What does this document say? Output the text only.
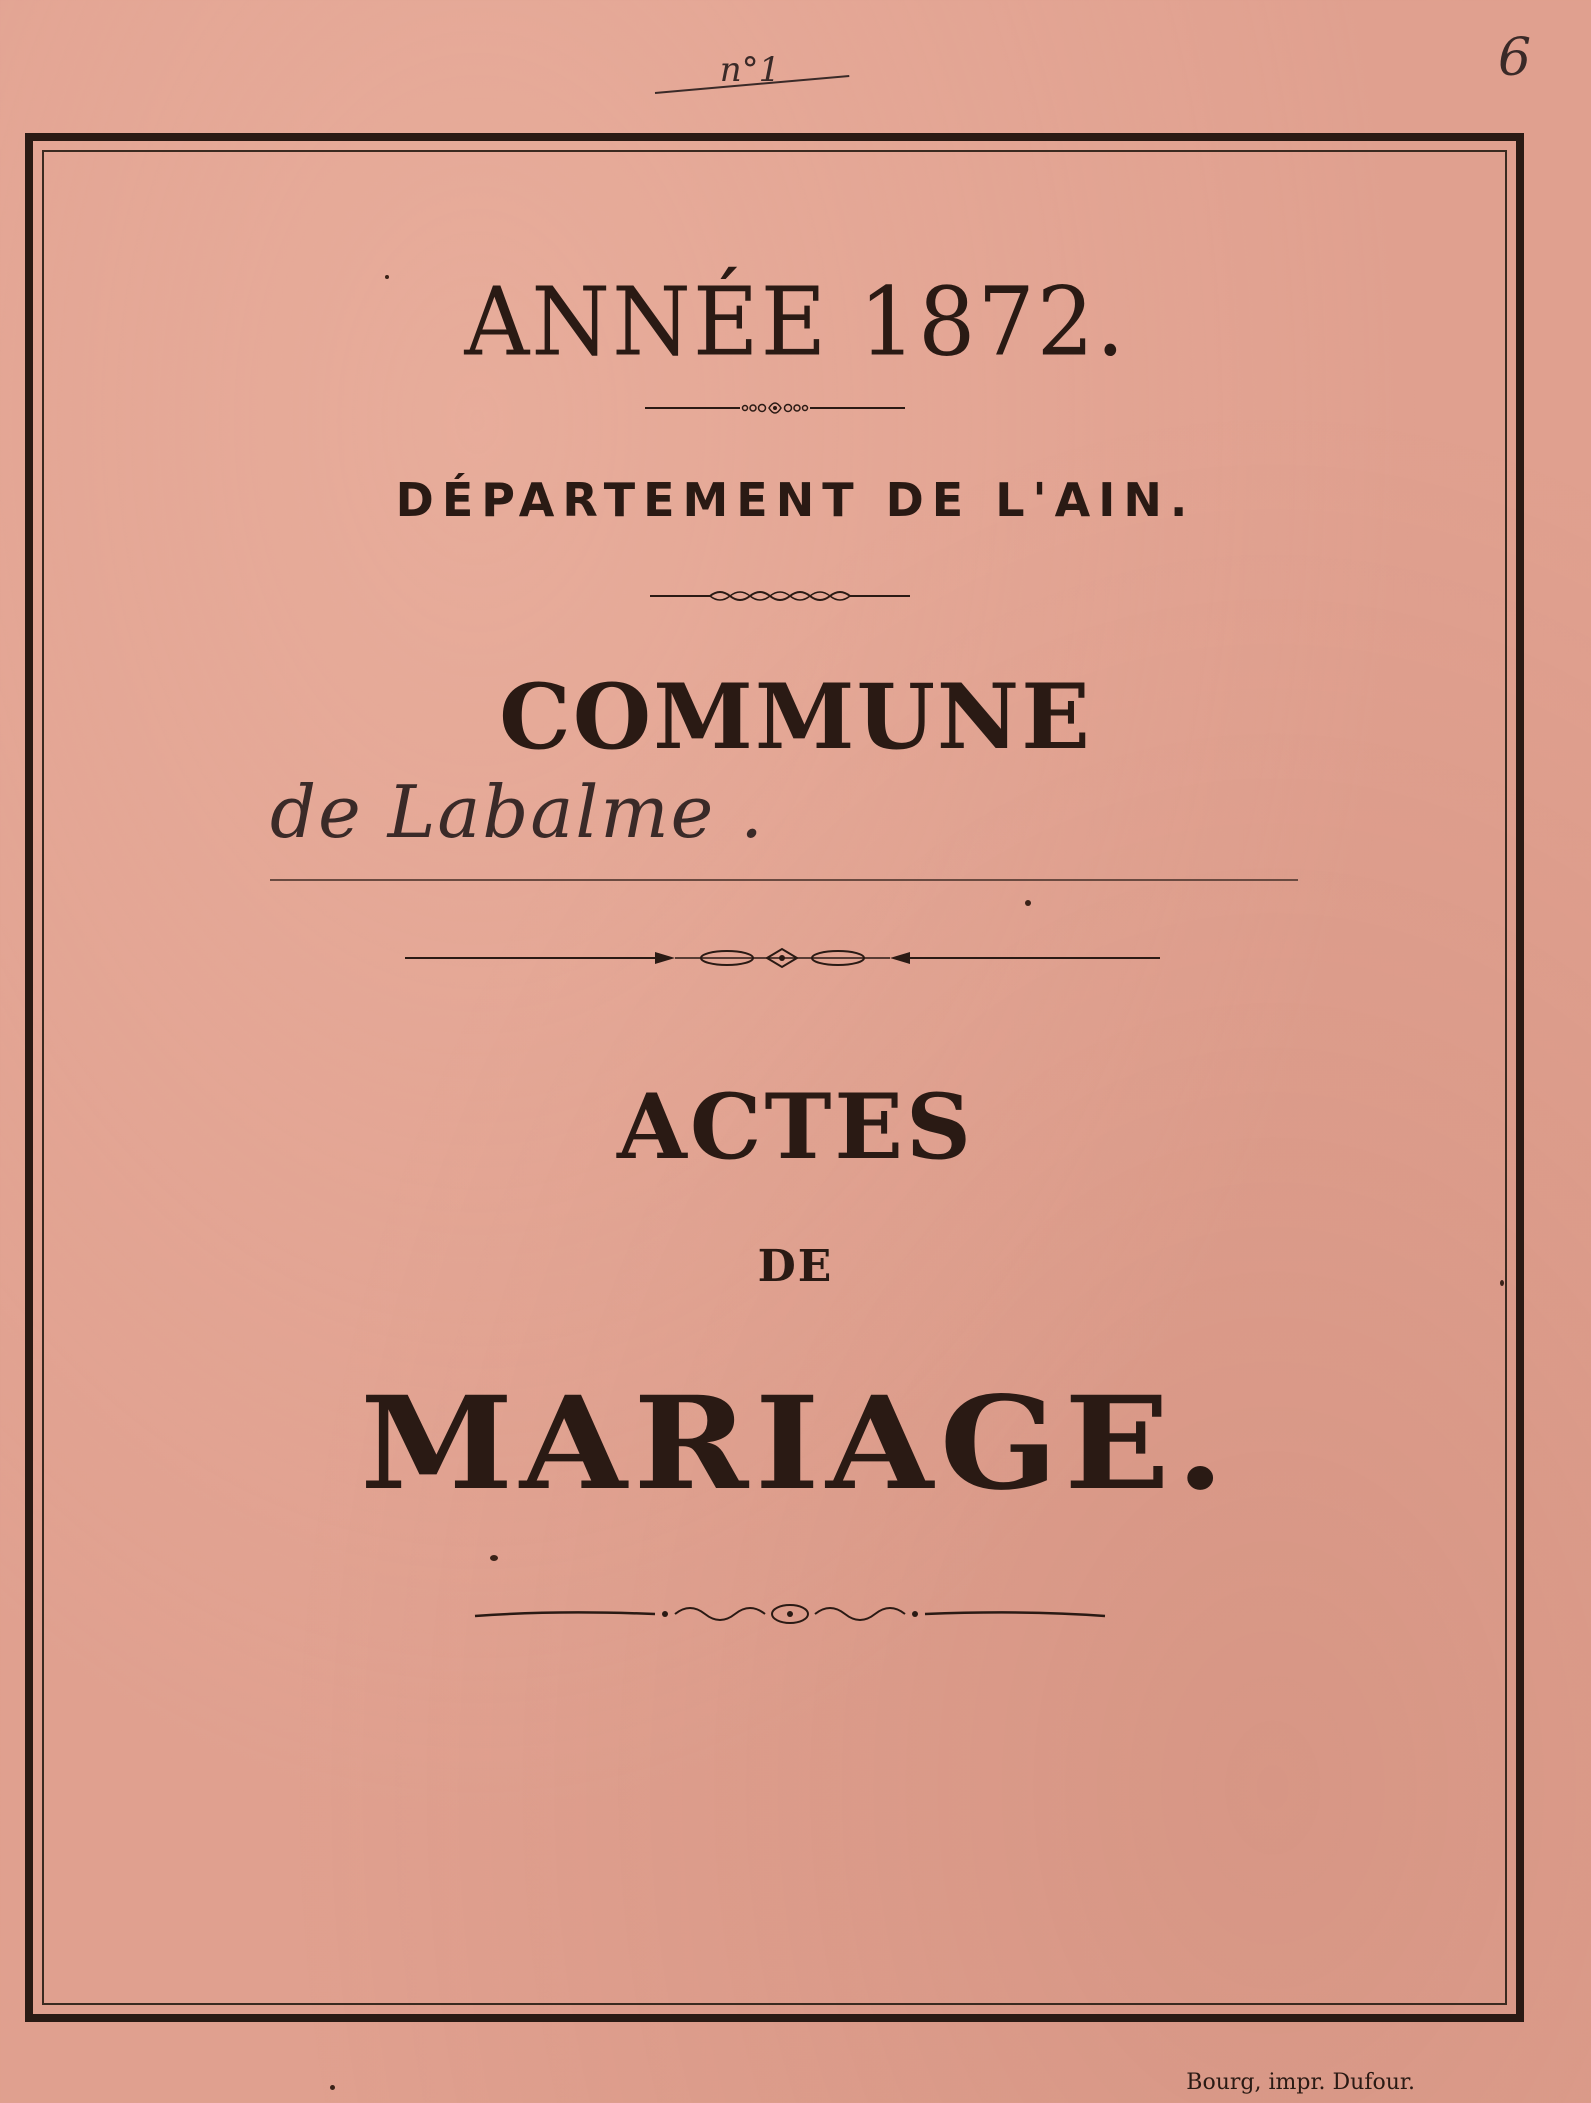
n°1	6
ANNÉE 1872.
DÉPARTEMENT DE L'AIN.
COMMUNE
de Labalme .
ACTES
DE
MARIAGE.
Bourg, impr. Dufour.
